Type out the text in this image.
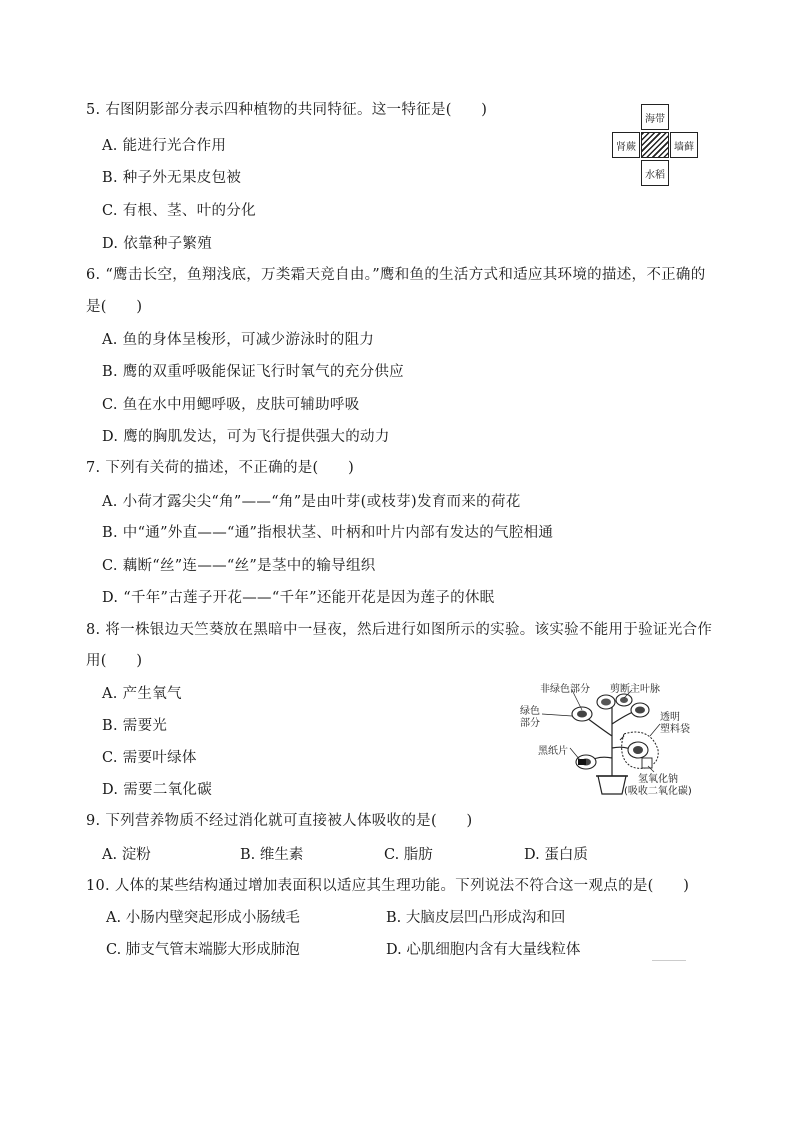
5. 右图阴影部分表示四种植物的共同特征。这一特征是(　　)
A. 能进行光合作用
B. 种子外无果皮包被
C. 有根、茎、叶的分化
D. 依靠种子繁殖
海带
肾蕨	墙藓
水稻
6. “鹰击长空，鱼翔浅底，万类霜天竞自由。”鹰和鱼的生活方式和适应其环境的描述，不正确的
是(　　)
A. 鱼的身体呈梭形，可减少游泳时的阻力
B. 鹰的双重呼吸能保证飞行时氧气的充分供应
C. 鱼在水中用鳃呼吸，皮肤可辅助呼吸
D. 鹰的胸肌发达，可为飞行提供强大的动力
7. 下列有关荷的描述，不正确的是(　　)
A. 小荷才露尖尖“角”——“角”是由叶芽(或枝芽)发育而来的荷花
B. 中“通”外直——“通”指根状茎、叶柄和叶片内部有发达的气腔相通
C. 藕断“丝”连——“丝”是茎中的输导组织
D. “千年”古莲子开花——“千年”还能开花是因为莲子的休眠
8. 将一株银边天竺葵放在黑暗中一昼夜，然后进行如图所示的实验。该实验不能用于验证光合作
用(　　)
A. 产生氧气
B. 需要光
C. 需要叶绿体
D. 需要二氧化碳
非绿色部分 剪断主叶脉
绿色
部分
透明
塑料袋
黑纸片
氢氧化钠
(吸收二氧化碳)
9. 下列营养物质不经过消化就可直接被人体吸收的是(　　)
A. 淀粉	B. 维生素	C. 脂肪	D. 蛋白质
10. 人体的某些结构通过增加表面积以适应其生理功能。下列说法不符合这一观点的是(　　)
A. 小肠内壁突起形成小肠绒毛	B. 大脑皮层凹凸形成沟和回
C. 肺支气管末端膨大形成肺泡	D. 心肌细胞内含有大量线粒体
